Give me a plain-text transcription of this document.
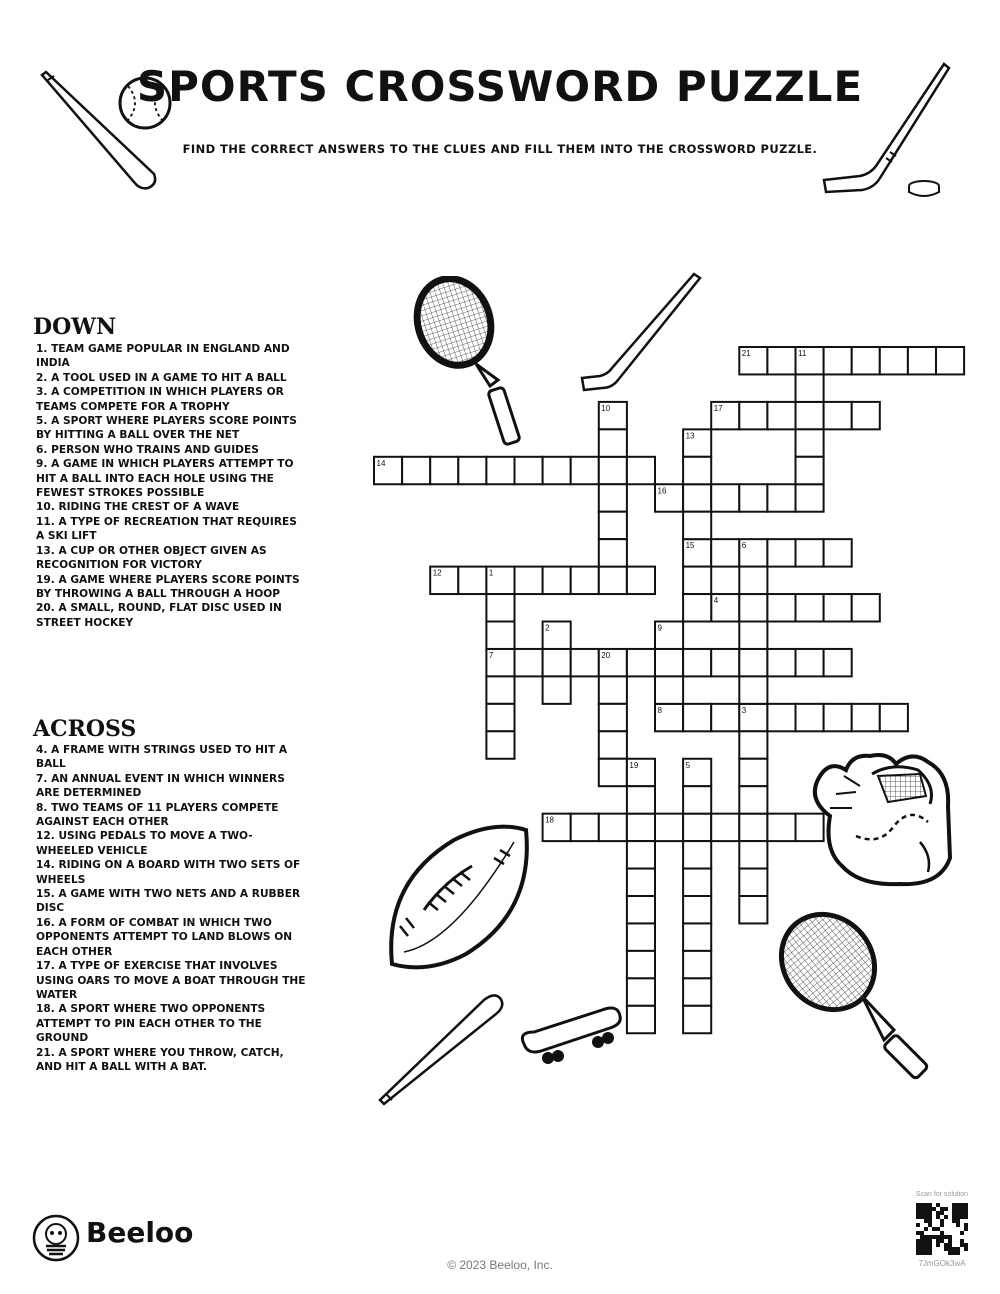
SPORTS CROSSWORD PUZZLE
FIND THE CORRECT ANSWERS TO THE CLUES AND FILL THEM INTO THE CROSSWORD PUZZLE.
DOWN
1. TEAM GAME POPULAR IN ENGLAND AND INDIA
2. A TOOL USED IN A GAME TO HIT A BALL
3. A COMPETITION IN WHICH PLAYERS OR TEAMS COMPETE FOR A TROPHY
5. A SPORT WHERE PLAYERS SCORE POINTS BY HITTING A BALL OVER THE NET
6. PERSON WHO TRAINS AND GUIDES
9. A GAME IN WHICH PLAYERS ATTEMPT TO HIT A BALL INTO EACH HOLE USING THE FEWEST STROKES POSSIBLE
10. RIDING THE CREST OF A WAVE
11. A TYPE OF RECREATION THAT REQUIRES A SKI LIFT
13. A CUP OR OTHER OBJECT GIVEN AS RECOGNITION FOR VICTORY
19. A GAME WHERE PLAYERS SCORE POINTS BY THROWING A BALL THROUGH A HOOP
20. A SMALL, ROUND, FLAT DISC USED IN STREET HOCKEY
ACROSS
4. A FRAME WITH STRINGS USED TO HIT A BALL
7. AN ANNUAL EVENT IN WHICH WINNERS ARE DETERMINED
8. TWO TEAMS OF 11 PLAYERS COMPETE AGAINST EACH OTHER
12. USING PEDALS TO MOVE A TWO-WHEELED VEHICLE
14. RIDING ON A BOARD WITH TWO SETS OF WHEELS
15. A GAME WITH TWO NETS AND A RUBBER DISC
16. A FORM OF COMBAT IN WHICH TWO OPPONENTS ATTEMPT TO LAND BLOWS ON EACH OTHER
17. A TYPE OF EXERCISE THAT INVOLVES USING OARS TO MOVE A BOAT THROUGH THE WATER
18. A SPORT WHERE TWO OPPONENTS ATTEMPT TO PIN EACH OTHER TO THE GROUND
21. A SPORT WHERE YOU THROW, CATCH, AND HIT A BALL WITH A BAT.
21
17
14
16
15
12
4
7
8
18
11
10
13
6
1
2	9
20
3
19	5
Beeloo
© 2023 Beeloo, Inc.
Scan for solution
7JmGOk3wA
